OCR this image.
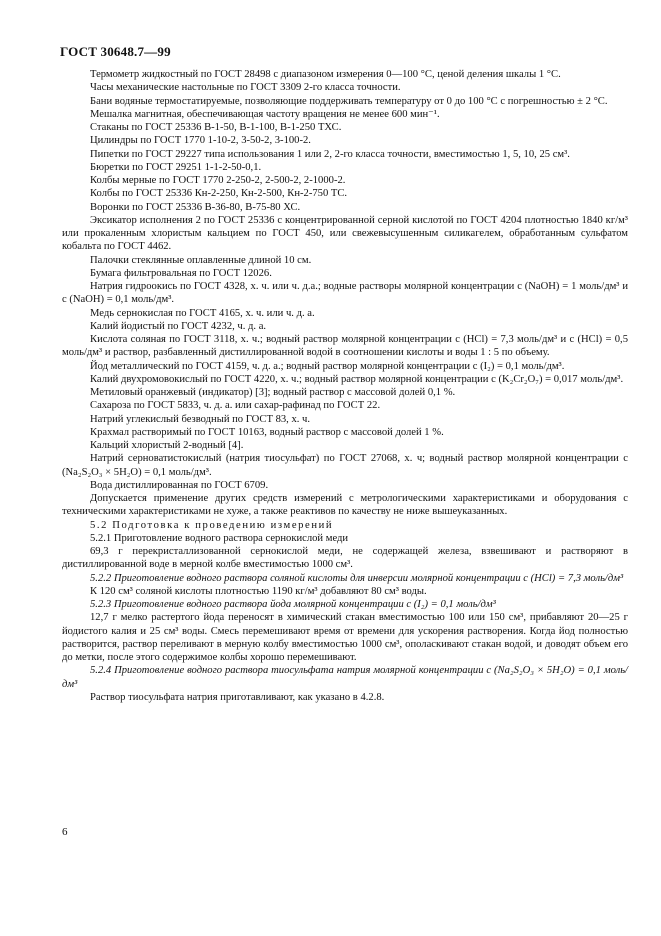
ГОСТ 30648.7—99

Термометр жидкостный по ГОСТ 28498 с диапазоном измерения 0—100 °С, ценой деления шкалы 1 °С.

Часы механические настольные по ГОСТ 3309 2-го класса точности.

Бани водяные термостатируемые, позволяющие поддерживать температуру от 0 до 100 °С с погрешностью ± 2 °С.

Мешалка магнитная, обеспечивающая частоту вращения не менее 600 мин⁻¹.

Стаканы по ГОСТ 25336 В-1-50, В-1-100, В-1-250 ТХС.

Цилиндры по ГОСТ 1770 1-10-2, 3-50-2, 3-100-2.

Пипетки по ГОСТ 29227 типа использования 1 или 2, 2-го класса точности, вместимостью 1, 5, 10, 25 см³.

Бюретки по ГОСТ 29251 1-1-2-50-0,1.

Колбы мерные по ГОСТ 1770 2-250-2, 2-500-2, 2-1000-2.

Колбы по ГОСТ 25336 Кн-2-250, Кн-2-500, Кн-2-750 ТС.

Воронки по ГОСТ 25336 В-36-80, В-75-80 ХС.

Эксикатор исполнения 2 по ГОСТ 25336 с концентрированной серной кислотой по ГОСТ 4204 плотностью 1840 кг/м³ или прокаленным хлористым кальцием по ГОСТ 450, или свежевысушенным силикагелем, обработанным сульфатом кобальта по ГОСТ 4462.

Палочки стеклянные оплавленные длиной 10 см.

Бумага фильтровальная по ГОСТ 12026.

Натрия гидроокись по ГОСТ 4328, х. ч. или ч. д.а.; водные растворы молярной концентрации с (NaOH) = 1 моль/дм³ и с (NaOH) = 0,1 моль/дм³.

Медь сернокислая по ГОСТ 4165, х. ч. или ч. д. а.

Калий йодистый по ГОСТ 4232, ч. д. а.

Кислота соляная по ГОСТ 3118, х. ч.; водный раствор молярной концентрации с (HCl) = 7,3 моль/дм³ и с (HCl) = 0,5 моль/дм³ и раствор, разбавленный дистиллированной водой в соотношении кислоты и воды 1 : 5 по объему.

Йод металлический по ГОСТ 4159, ч. д. а.; водный раствор молярной концентрации с (I₂) = 0,1 моль/дм³.

Калий двухромовокислый по ГОСТ 4220, х. ч.; водный раствор молярной концентрации с (K₂Cr₂O₇) = 0,017 моль/дм³.

Метиловый оранжевый (индикатор) [3]; водный раствор с массовой долей 0,1 %.

Сахароза по ГОСТ 5833, ч. д. а. или сахар-рафинад по ГОСТ 22.

Натрий углекислый безводный по ГОСТ 83, х. ч.

Крахмал растворимый по ГОСТ 10163, водный раствор с массовой долей 1 %.

Кальций хлористый 2-водный [4].

Натрий серноватистокислый (натрия тиосульфат) по ГОСТ 27068, х. ч; водный раствор молярной концентрации с (Na₂S₂O₃ × 5H₂O) = 0,1 моль/дм³.

Вода дистиллированная по ГОСТ 6709.

Допускается применение других средств измерений с метрологическими характеристиками и оборудования с техническими характеристиками не хуже, а также реактивов по качеству не ниже вышеуказанных.

5.2 Подготовка к проведению измерений

5.2.1 Приготовление водного раствора сернокислой меди

69,3 г перекристаллизованной сернокислой меди, не содержащей железа, взвешивают и растворяют в дистиллированной воде в мерной колбе вместимостью 1000 см³.

5.2.2 Приготовление водного раствора соляной кислоты для инверсии молярной концентрации с (HCl) = 7,3 моль/дм³

К 120 см³ соляной кислоты плотностью 1190 кг/м³ добавляют 80 см³ воды.

5.2.3 Приготовление водного раствора йода молярной концентрации с (I₂) = 0,1 моль/дм³

12,7 г мелко растертого йода переносят в химический стакан вместимостью 100 или 150 см³, прибавляют 20—25 г йодистого калия и 25 см³ воды. Смесь перемешивают время от времени для ускорения растворения. Когда йод полностью растворится, раствор переливают в мерную колбу вместимостью 1000 см³, ополаскивают стакан водой, и доводят объем его до метки, после этого содержимое колбы хорошо перемешивают.

5.2.4 Приготовление водного раствора тиосульфата натрия молярной концентрации с (Na₂S₂O₃ × 5H₂O) = 0,1 моль/дм³

Раствор тиосульфата натрия приготавливают, как указано в 4.2.8.

6
